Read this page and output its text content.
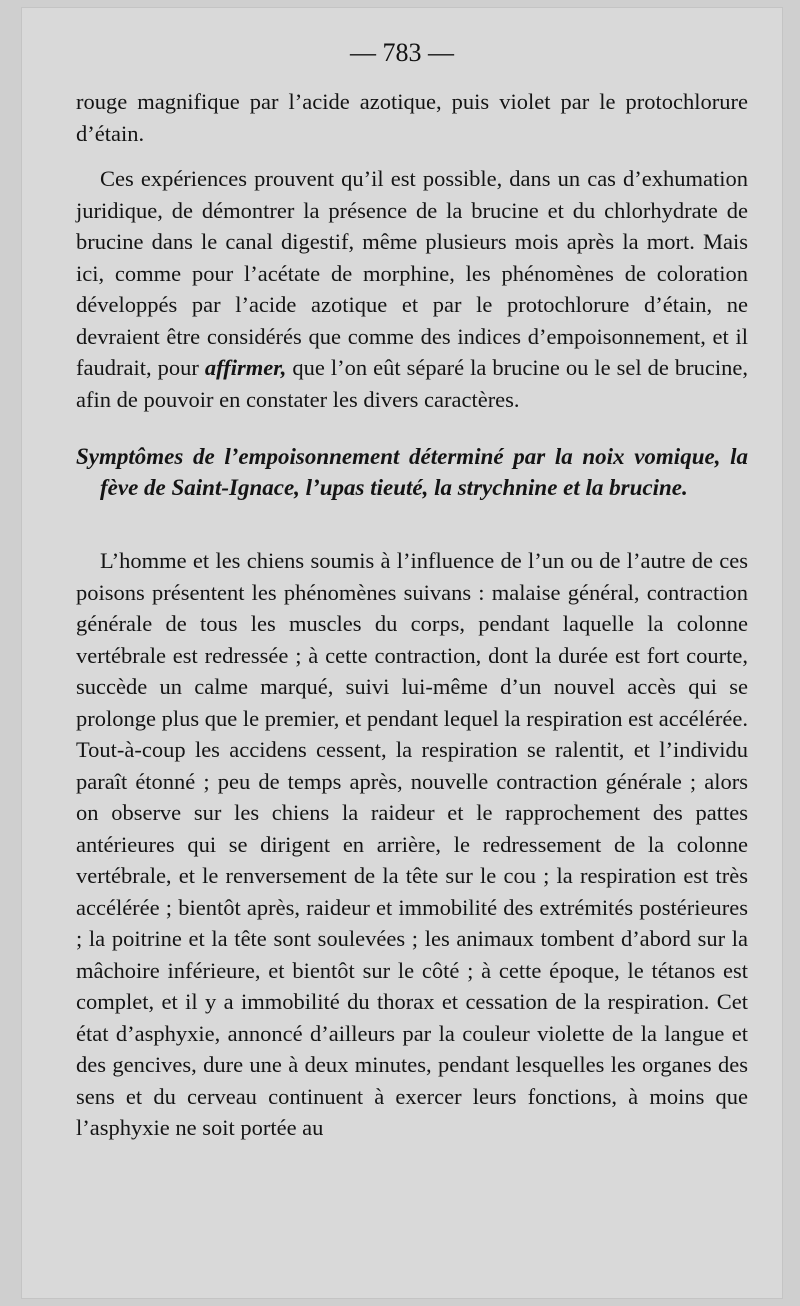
— 783 —

rouge magnifique par l’acide azotique, puis violet par le protochlorure d’étain.

Ces expériences prouvent qu’il est possible, dans un cas d’exhumation juridique, de démontrer la présence de la brucine et du chlorhydrate de brucine dans le canal digestif, même plusieurs mois après la mort. Mais ici, comme pour l’acétate de morphine, les phénomènes de coloration développés par l’acide azotique et par le protochlorure d’étain, ne devraient être considérés que comme des indices d’empoisonnement, et il faudrait, pour affirmer, que l’on eût séparé la brucine ou le sel de brucine, afin de pouvoir en constater les divers caractères.

Symptômes de l’empoisonnement déterminé par la noix vomique, la fève de Saint-Ignace, l’upas tieuté, la strychnine et la brucine.

L’homme et les chiens soumis à l’influence de l’un ou de l’autre de ces poisons présentent les phénomènes suivans : malaise général, contraction générale de tous les muscles du corps, pendant laquelle la colonne vertébrale est redressée ; à cette contraction, dont la durée est fort courte, succède un calme marqué, suivi lui-même d’un nouvel accès qui se prolonge plus que le premier, et pendant lequel la respiration est accélérée. Tout-à-coup les accidens cessent, la respiration se ralentit, et l’individu paraît étonné ; peu de temps après, nouvelle contraction générale ; alors on observe sur les chiens la raideur et le rapprochement des pattes antérieures qui se dirigent en arrière, le redressement de la colonne vertébrale, et le renversement de la tête sur le cou ; la respiration est très accélérée ; bientôt après, raideur et immobilité des extrémités postérieures ; la poitrine et la tête sont soulevées ; les animaux tombent d’abord sur la mâchoire inférieure, et bientôt sur le côté ; à cette époque, le tétanos est complet, et il y a immobilité du thorax et cessation de la respiration. Cet état d’asphyxie, annoncé d’ailleurs par la couleur violette de la langue et des gencives, dure une à deux minutes, pendant lesquelles les organes des sens et du cerveau continuent à exercer leurs fonctions, à moins que l’asphyxie ne soit portée au
